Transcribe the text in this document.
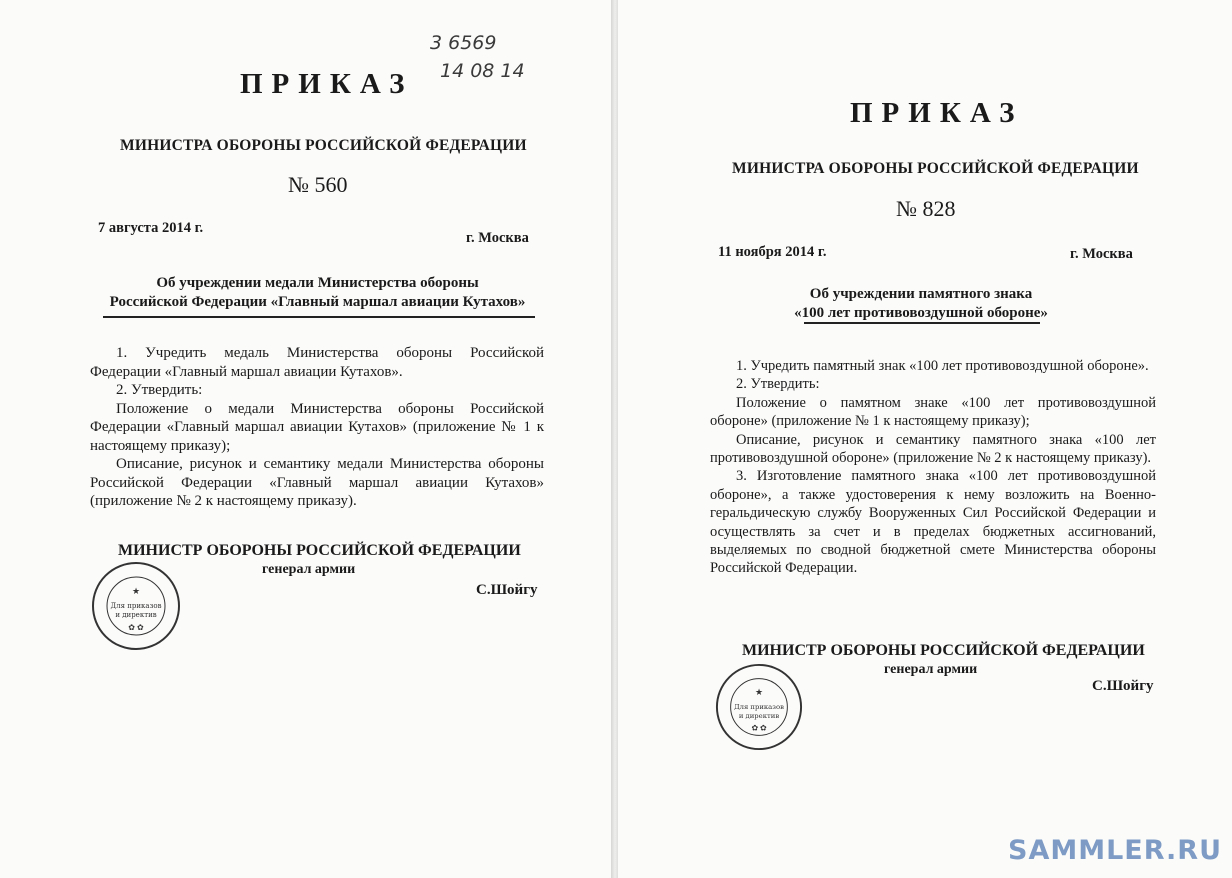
3 6569
14 08 14
ПРИКАЗ
МИНИСТРА ОБОРОНЫ РОССИЙСКОЙ ФЕДЕРАЦИИ
№ 560
7 августа 2014 г.
г. Москва
Об учреждении медали Министерства обороны
Российской Федерации «Главный маршал авиации Кутахов»

1. Учредить медаль Министерства обороны Российской Федерации «Главный маршал авиации Кутахов».

2. Утвердить:

Положение о медали Министерства обороны Российской Федерации «Главный маршал авиации Кутахов» (приложение № 1 к настоящему приказу);

Описание, рисунок и семантику медали Министерства обороны Российской Федерации «Главный маршал авиации Кутахов» (приложение № 2 к настоящему приказу).

МИНИСТР ОБОРОНЫ РОССИЙСКОЙ ФЕДЕРАЦИИ
генерал армии
С.Шойгу
★
Для приказов
и директив
✿ ✿
ПРИКАЗ
МИНИСТРА ОБОРОНЫ РОССИЙСКОЙ ФЕДЕРАЦИИ
№ 828
11 ноября 2014 г.	г. Москва
Об учреждении памятного знака
«100 лет противовоздушной обороне»

1. Учредить памятный знак «100 лет противовоздушной обороне».

2. Утвердить:

Положение о памятном знаке «100 лет противовоздушной обороне» (приложение № 1 к настоящему приказу);

Описание, рисунок и семантику памятного знака «100 лет противовоздушной обороне» (приложение № 2 к настоящему приказу).

3. Изготовление памятного знака «100 лет противовоздушной обороне», а также удостоверения к нему возложить на Военно-геральдическую службу Вооруженных Сил Российской Федерации и осуществлять за счет и в пределах бюджетных ассигнований, выделяемых по сводной бюджетной смете Министерства обороны Российской Федерации.

МИНИСТР ОБОРОНЫ РОССИЙСКОЙ ФЕДЕРАЦИИ
генерал армии
С.Шойгу
★
Для приказов
и директив
✿ ✿
SAMMLER.RU
